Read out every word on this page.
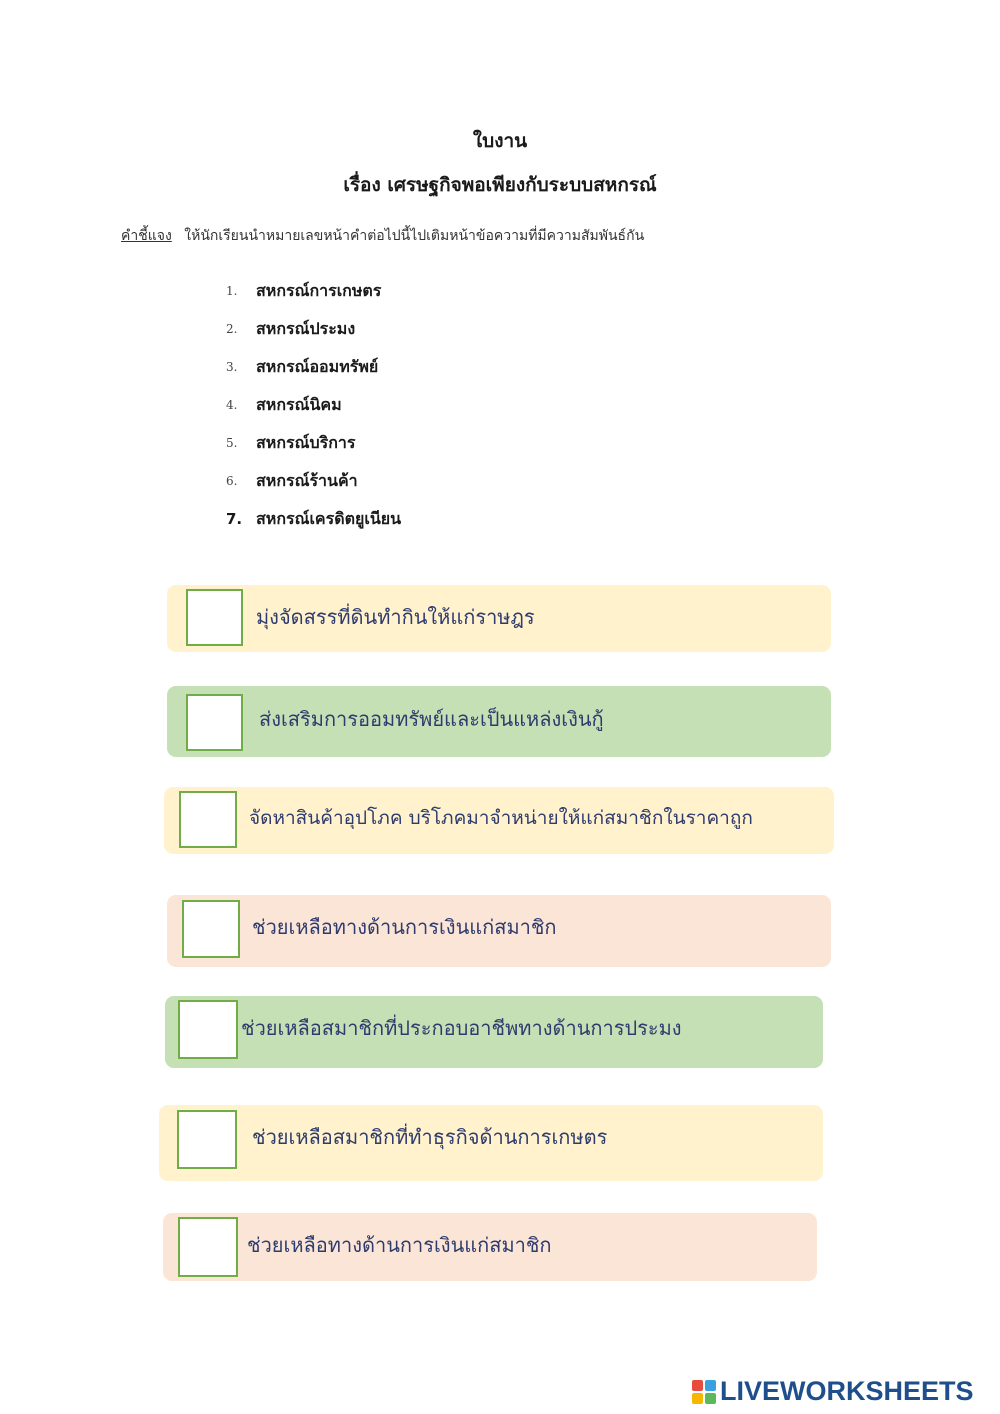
ใบงาน
เรื่อง เศรษฐกิจพอเพียงกับระบบสหกรณ์
คำชี้แจง ให้นักเรียนนำหมายเลขหน้าคำต่อไปนี้ไปเติมหน้าข้อความที่มีความสัมพันธ์กัน
1.	สหกรณ์การเกษตร
2.	สหกรณ์ประมง
3.	สหกรณ์ออมทรัพย์
4.	สหกรณ์นิคม
5.	สหกรณ์บริการ
6.	สหกรณ์ร้านค้า
7. สหกรณ์เครดิตยูเนียน
มุ่งจัดสรรที่ดินทำกินให้แก่ราษฎร
ส่งเสริมการออมทรัพย์และเป็นแหล่งเงินกู้
จัดหาสินค้าอุปโภค บริโภคมาจำหน่ายให้แก่สมาชิกในราคาถูก
ช่วยเหลือทางด้านการเงินแก่สมาชิก
ช่วยเหลือสมาชิกที่ประกอบอาชีพทางด้านการประมง
ช่วยเหลือสมาชิกที่ทำธุรกิจด้านการเกษตร
ช่วยเหลือทางด้านการเงินแก่สมาชิก
LIVEWORKSHEETS
